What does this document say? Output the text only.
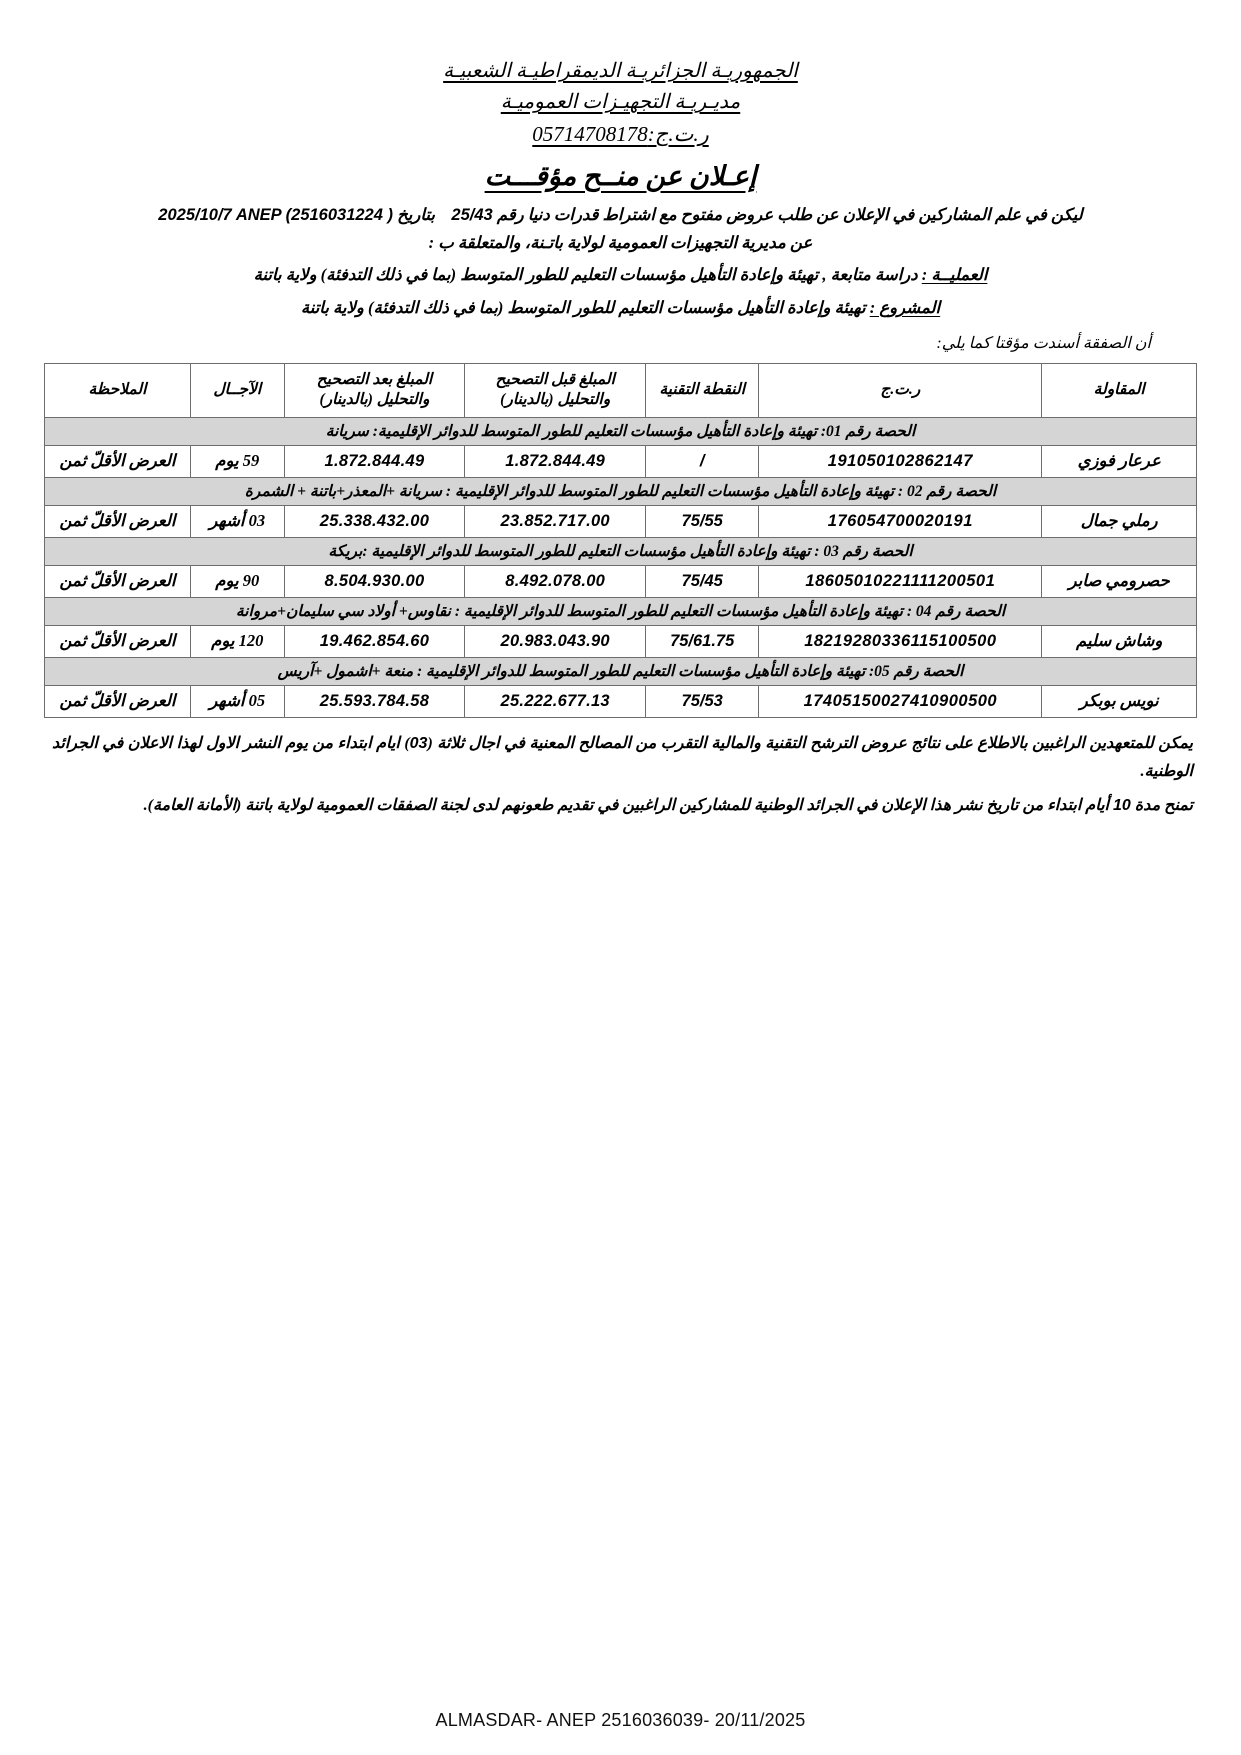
الجمهوريـة الجزائريـة الديمقراطيـة الشعبيـة
مديـريـة التجهيـزات العموميـة
ر.ت.ج:05714708178
إعـلان عن منــح مؤقـــت
ليكن في علم المشاركين في الإعلان عن طلب عروض مفتوح مع اشتراط قدرات دنيا رقم 25/43    بتاريخ 2025/10/7 ANEP (2516031224 )
عن مديرية التجهيزات العمومية لولاية باتـنة، والمتعلقة ب :
العمليــة : دراسة متابعة , تهيئة وإعادة التأهيل مؤسسات التعليم للطور المتوسط (بما في ذلك التدفئة) ولاية باتنة
المشروع : تهيئة وإعادة التأهيل مؤسسات التعليم للطور المتوسط (بما في ذلك التدفئة) ولاية باتنة
أن الصفقة أسندت مؤقتا كما يلي:
المقاولة	ر.ت.ج	النقطة التقنية	المبلغ قبل التصحيح والتحليل (بالدينار)	المبلغ بعد التصحيح والتحليل (بالدينار)	الآجــال	الملاحظة
الحصة رقم 01: تهيئة وإعادة التأهيل مؤسسات التعليم للطور المتوسط للدوائر الإقليمية: سريانة						
عرعار فوزي	191050102862147	/	1.872.844.49	1.872.844.49	59 يوم	العرض الأقلّ ثمن
الحصة رقم 02 : تهيئة وإعادة التأهيل مؤسسات التعليم للطور المتوسط للدوائر الإقليمية : سريانة +المعذر+باتنة + الشمرة						
رملي جمال	176054700020191	75/55	23.852.717.00	25.338.432.00	03 أشهر	العرض الأقلّ ثمن
الحصة رقم 03 : تهيئة وإعادة التأهيل مؤسسات التعليم للطور المتوسط للدوائر الإقليمية :بريكة						
حصرومي صابر	18605010221111200501	75/45	8.492.078.00	8.504.930.00	90 يوم	العرض الأقلّ ثمن
الحصة رقم 04 : تهيئة وإعادة التأهيل مؤسسات التعليم للطور المتوسط للدوائر الإقليمية : نقاوس+ أولاد سي سليمان+مروانة						
وشاش سليم	18219280336115100500	75/61.75	20.983.043.90	19.462.854.60	120 يوم	العرض الأقلّ ثمن
الحصة رقم 05: تهيئة وإعادة التأهيل مؤسسات التعليم للطور المتوسط للدوائر الإقليمية : منعة +اشمول +آريس						
نويس بوبكر	17405150027410900500	75/53	25.222.677.13	25.593.784.58	05 أشهر	العرض الأقلّ ثمن

يمكن للمتعهدين الراغبين بالاطلاع على نتائج عروض الترشح التقنية والمالية التقرب من المصالح المعنية في اجال ثلاثة (03) ايام ابتداء من يوم النشر الاول لهذا الاعلان في الجرائد الوطنية.

تمنح مدة 10 أيام ابتداء من تاريخ نشر هذا الإعلان في الجرائد الوطنية للمشاركين الراغبين في تقديم طعونهم لدى لجنة الصفقات العمومية لولاية باتنة (الأمانة العامة).

ALMASDAR- ANEP 2516036039- 20/11/2025
